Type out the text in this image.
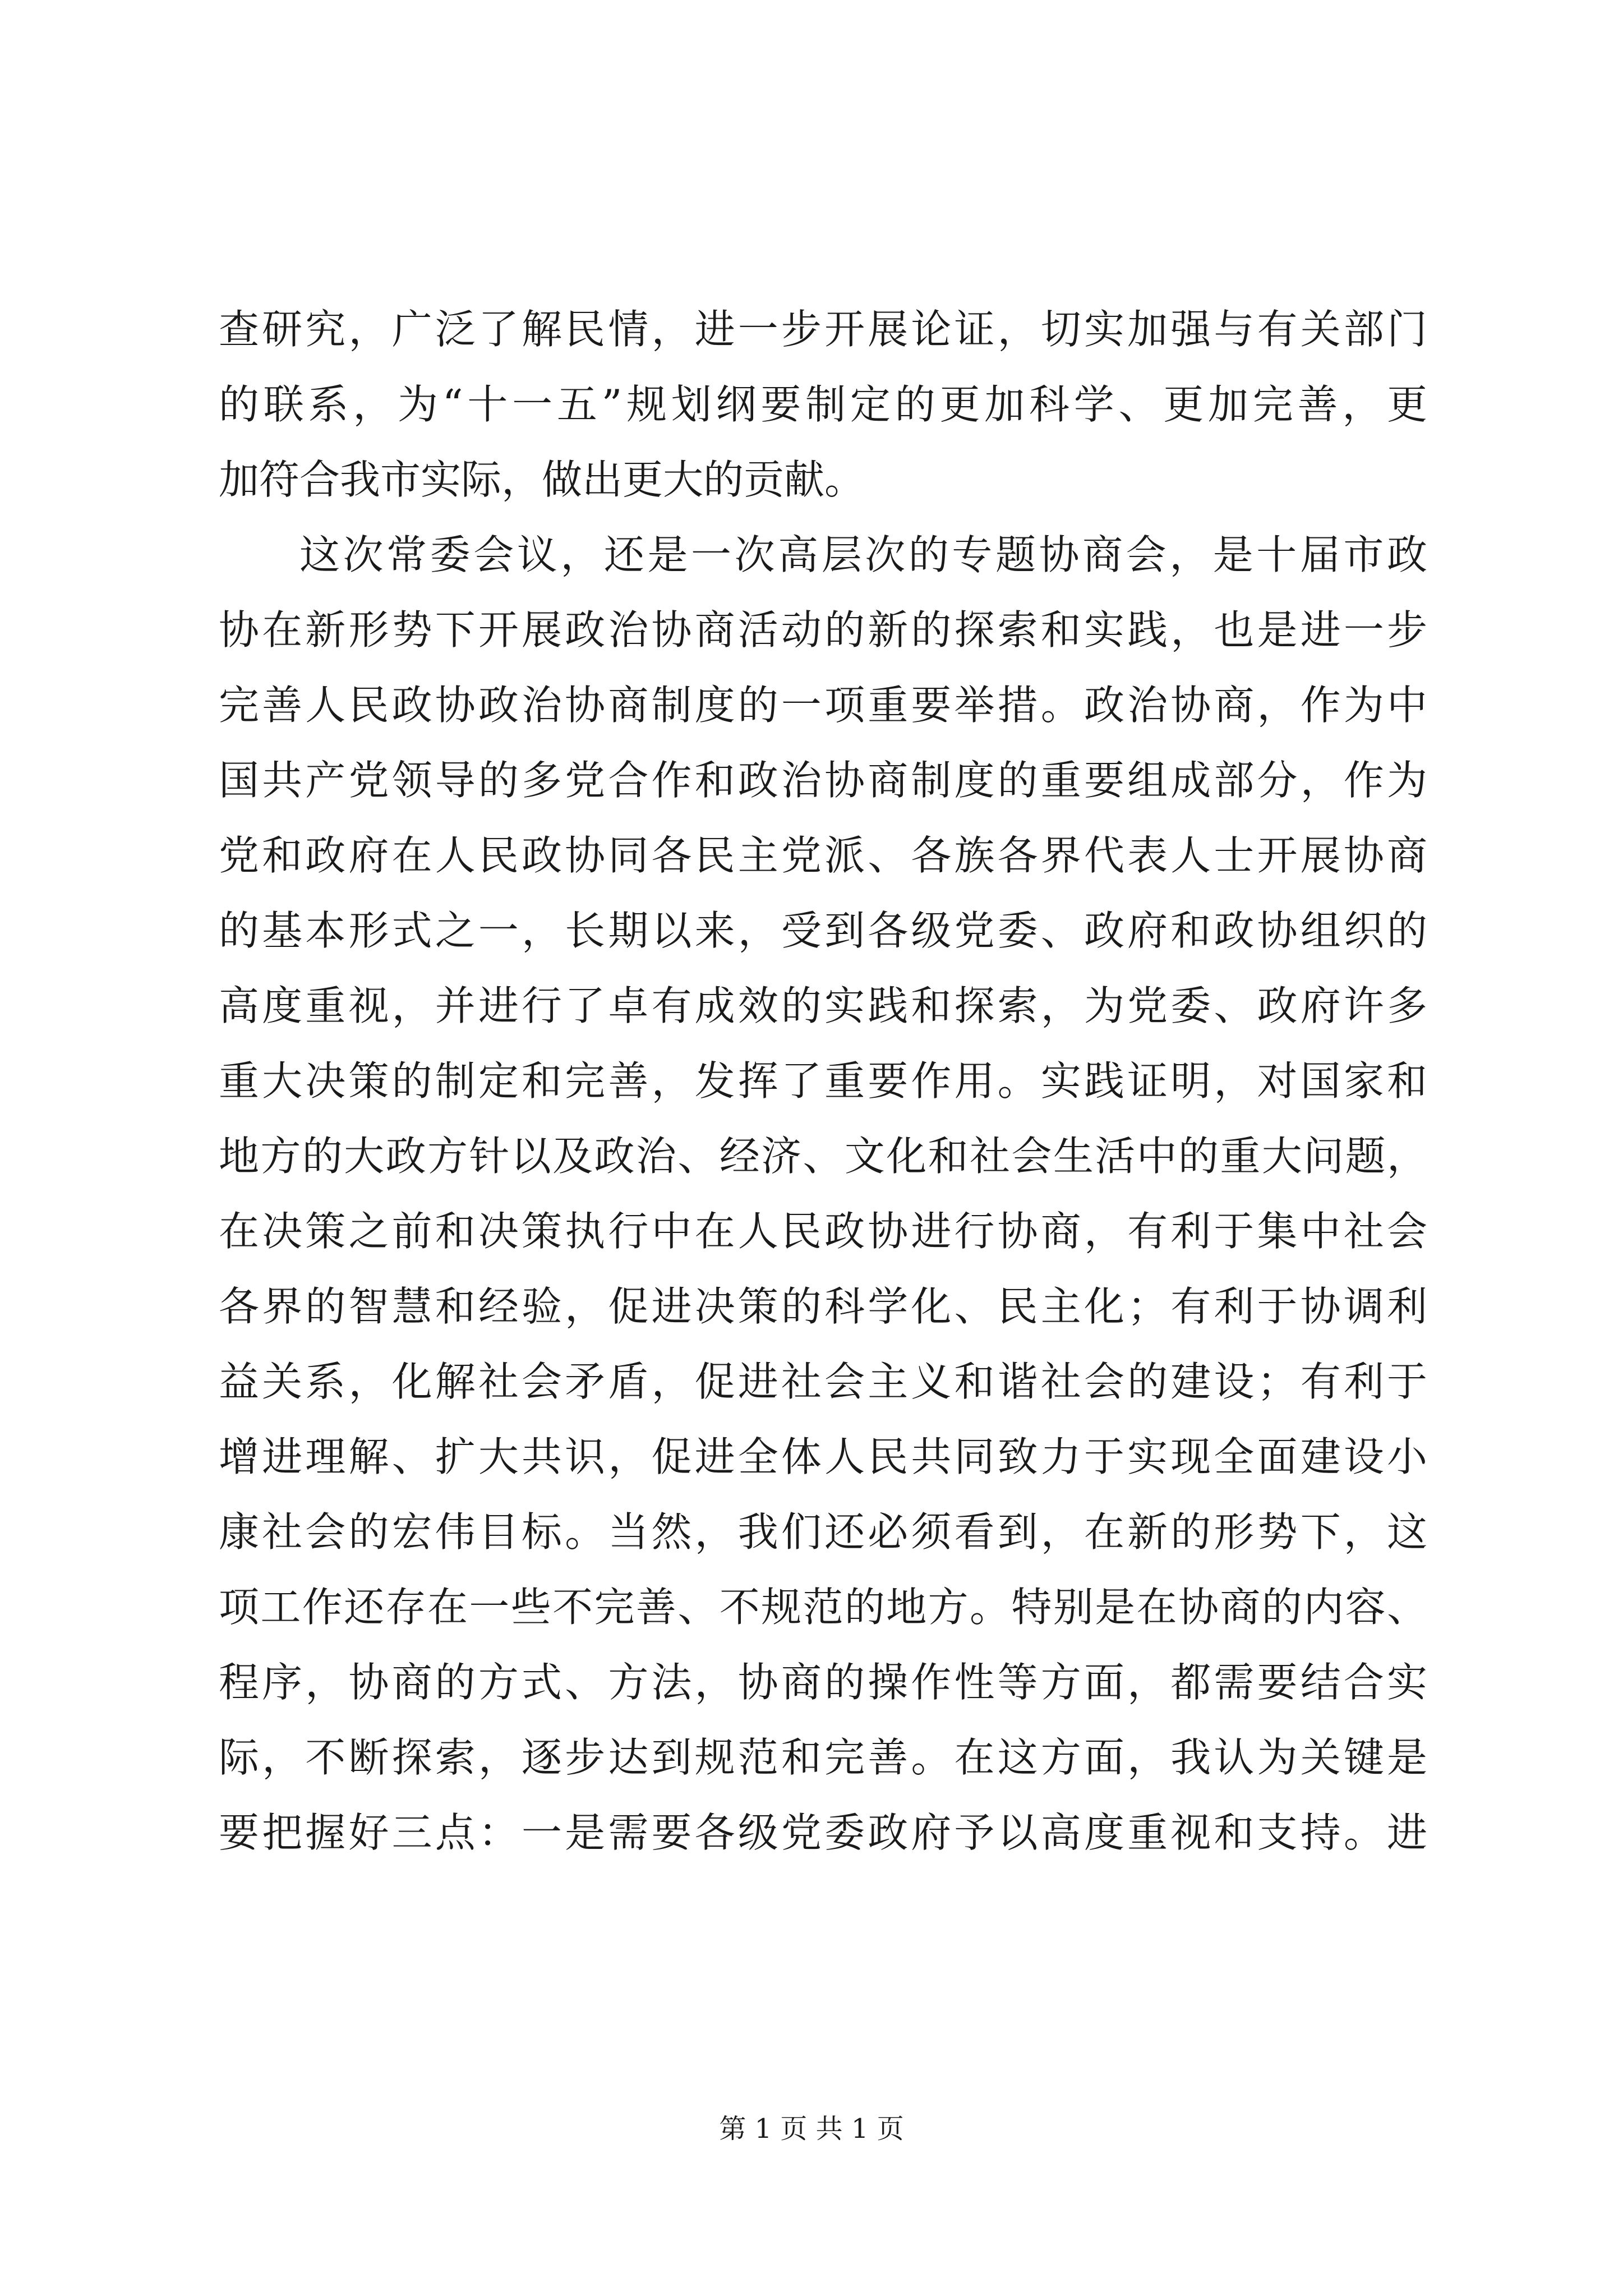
查研究，广泛了解民情，进一步开展论证，切实加强与有关部门
的联系，为“十一五”规划纲要制定的更加科学、更加完善，更
加符合我市实际，做出更大的贡献。
这次常委会议，还是一次高层次的专题协商会，是十届市政
协在新形势下开展政治协商活动的新的探索和实践，也是进一步
完善人民政协政治协商制度的一项重要举措。政治协商，作为中
国共产党领导的多党合作和政治协商制度的重要组成部分，作为
党和政府在人民政协同各民主党派、各族各界代表人士开展协商
的基本形式之一，长期以来，受到各级党委、政府和政协组织的
高度重视，并进行了卓有成效的实践和探索，为党委、政府许多
重大决策的制定和完善，发挥了重要作用。实践证明，对国家和
地方的大政方针以及政治、经济、文化和社会生活中的重大问题，
在决策之前和决策执行中在人民政协进行协商，有利于集中社会
各界的智慧和经验，促进决策的科学化、民主化；有利于协调利
益关系，化解社会矛盾，促进社会主义和谐社会的建设；有利于
增进理解、扩大共识，促进全体人民共同致力于实现全面建设小
康社会的宏伟目标。当然，我们还必须看到，在新的形势下，这
项工作还存在一些不完善、不规范的地方。特别是在协商的内容、
程序，协商的方式、方法，协商的操作性等方面，都需要结合实
际，不断探索，逐步达到规范和完善。在这方面，我认为关键是
要把握好三点：一是需要各级党委政府予以高度重视和支持。进
第 1 页 共 1 页
